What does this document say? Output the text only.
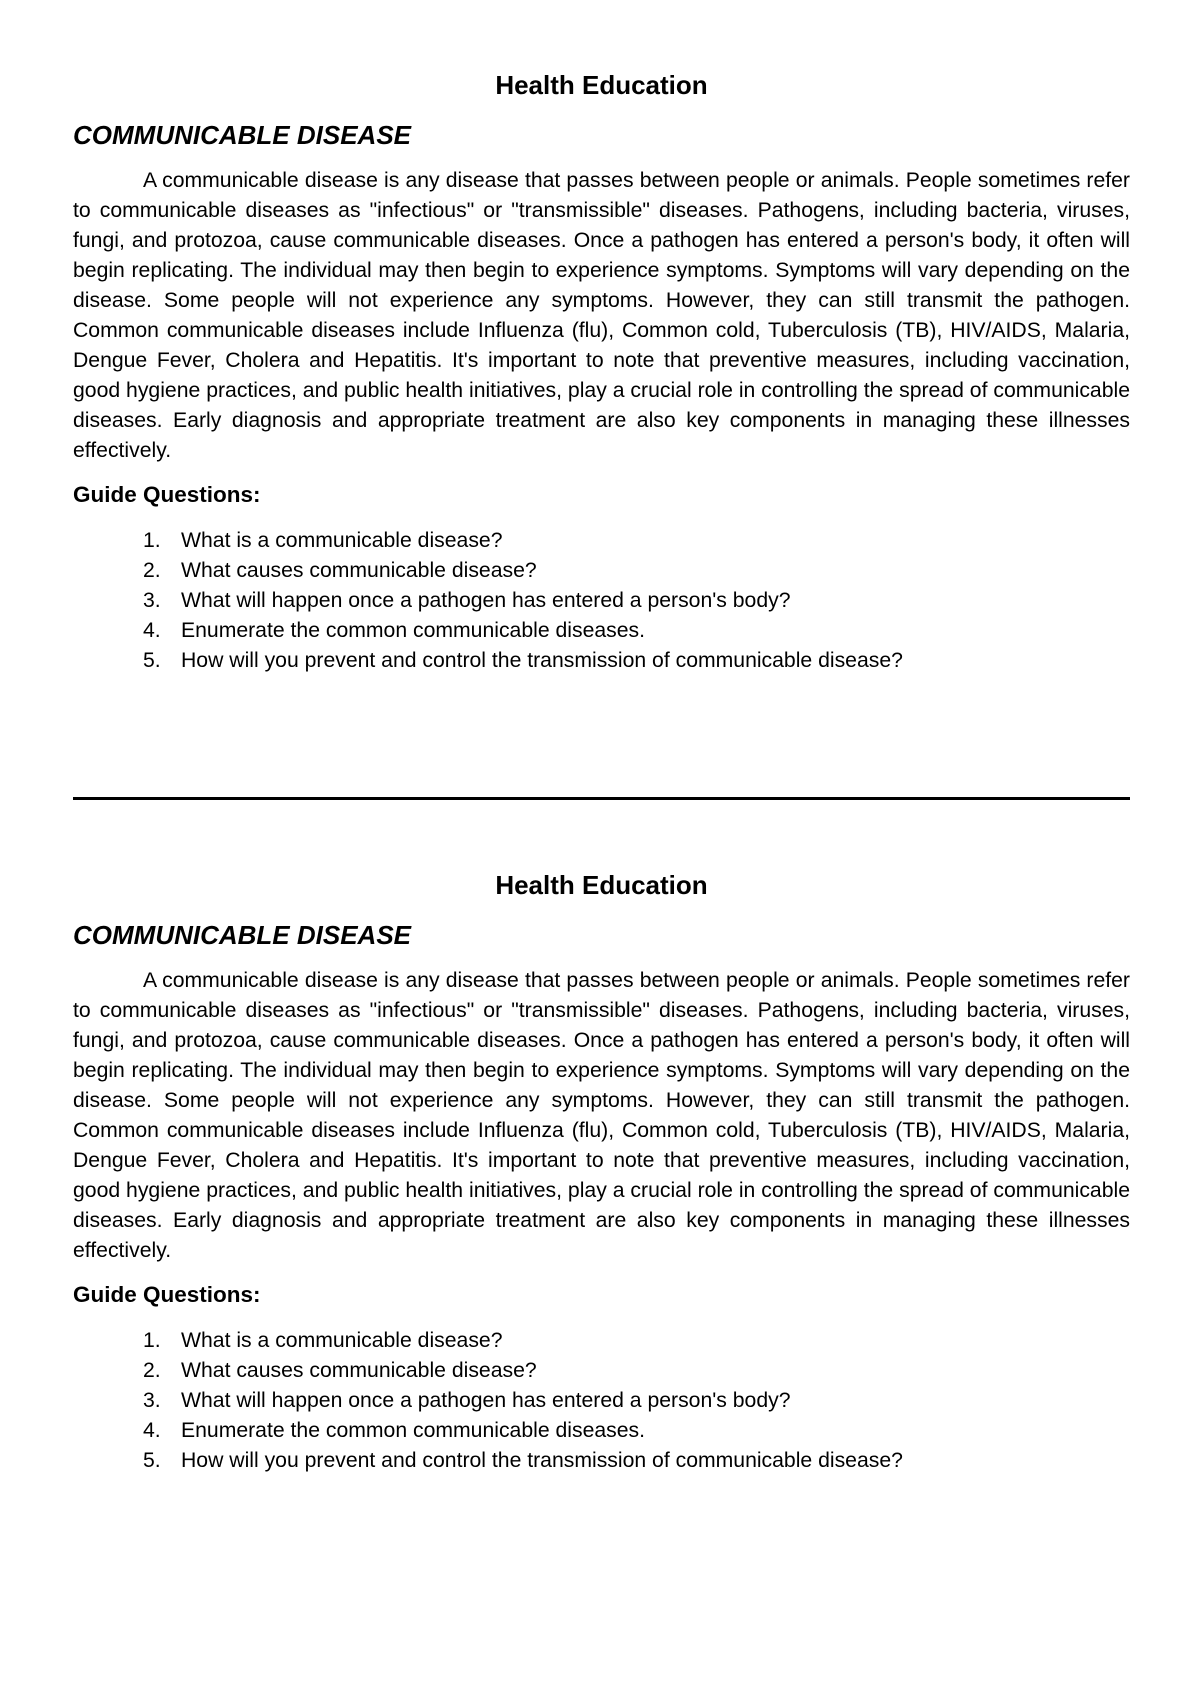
Health Education
COMMUNICABLE DISEASE

A communicable disease is any disease that passes between people or animals. People sometimes refer to communicable diseases as "infectious" or "transmissible" diseases. Pathogens, including bacteria, viruses, fungi, and protozoa, cause communicable diseases. Once a pathogen has entered a person's body, it often will begin replicating. The individual may then begin to experience symptoms. Symptoms will vary depending on the disease. Some people will not experience any symptoms. However, they can still transmit the pathogen. Common communicable diseases include Influenza (flu), Common cold, Tuberculosis (TB), HIV/AIDS, Malaria, Dengue Fever, Cholera and Hepatitis. It's important to note that preventive measures, including vaccination, good hygiene practices, and public health initiatives, play a crucial role in controlling the spread of communicable diseases. Early diagnosis and appropriate treatment are also key components in managing these illnesses effectively.

Guide Questions:
1. What is a communicable disease?
2. What causes communicable disease?
3. What will happen once a pathogen has entered a person's body?
4. Enumerate the common communicable diseases.
5. How will you prevent and control the transmission of communicable disease?
Health Education
COMMUNICABLE DISEASE

A communicable disease is any disease that passes between people or animals. People sometimes refer to communicable diseases as "infectious" or "transmissible" diseases. Pathogens, including bacteria, viruses, fungi, and protozoa, cause communicable diseases. Once a pathogen has entered a person's body, it often will begin replicating. The individual may then begin to experience symptoms. Symptoms will vary depending on the disease. Some people will not experience any symptoms. However, they can still transmit the pathogen. Common communicable diseases include Influenza (flu), Common cold, Tuberculosis (TB), HIV/AIDS, Malaria, Dengue Fever, Cholera and Hepatitis. It's important to note that preventive measures, including vaccination, good hygiene practices, and public health initiatives, play a crucial role in controlling the spread of communicable diseases. Early diagnosis and appropriate treatment are also key components in managing these illnesses effectively.

Guide Questions:
1. What is a communicable disease?
2. What causes communicable disease?
3. What will happen once a pathogen has entered a person's body?
4. Enumerate the common communicable diseases.
5. How will you prevent and control the transmission of communicable disease?
